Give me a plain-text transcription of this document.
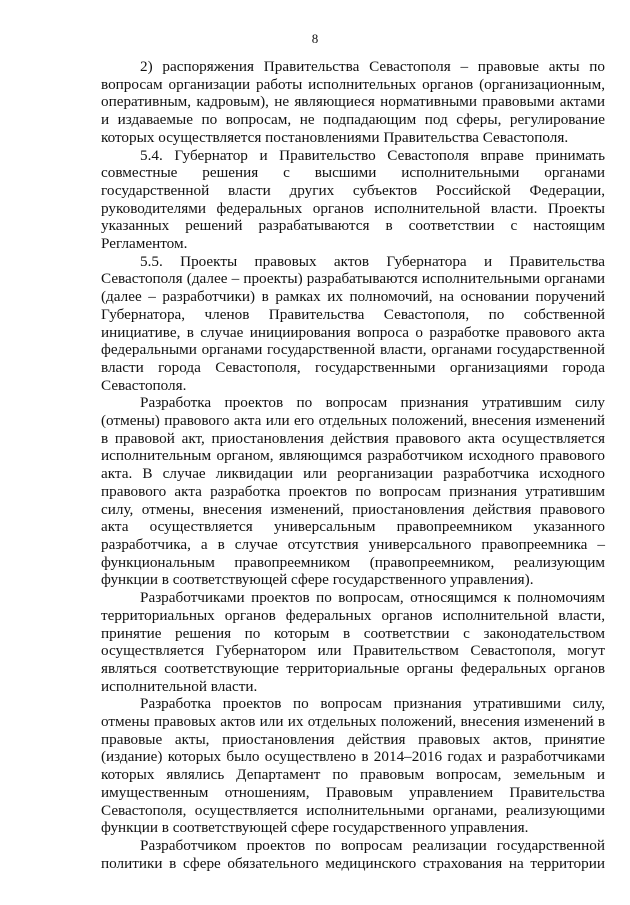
8

2) распоряжения Правительства Севастополя – правовые акты по вопросам организации работы исполнительных органов (организационным, оперативным, кадровым), не являющиеся нормативными правовыми актами и издаваемые по вопросам, не подпадающим под сферы, регулирование которых осуществляется постановлениями Правительства Севастополя.

5.4. Губернатор и Правительство Севастополя вправе принимать совместные решения с высшими исполнительными органами государственной власти других субъектов Российской Федерации, руководителями федеральных органов исполнительной власти. Проекты указанных решений разрабатываются в соответствии с настоящим Регламентом.

5.5. Проекты правовых актов Губернатора и Правительства Севастополя (далее – проекты) разрабатываются исполнительными органами (далее – разработчики) в рамках их полномочий, на основании поручений Губернатора, членов Правительства Севастополя, по собственной инициативе, в случае инициирования вопроса о разработке правового акта федеральными органами государственной власти, органами государственной власти города Севастополя, государственными организациями города Севастополя.

Разработка проектов по вопросам признания утратившим силу (отмены) правового акта или его отдельных положений, внесения изменений в правовой акт, приостановления действия правового акта осуществляется исполнительным органом, являющимся разработчиком исходного правового акта. В случае ликвидации или реорганизации разработчика исходного правового акта разработка проектов по вопросам признания утратившим силу, отмены, внесения изменений, приостановления действия правового акта осуществляется универсальным правопреемником указанного разработчика, а в случае отсутствия универсального правопреемника – функциональным правопреемником (правопреемником, реализующим функции в соответствующей сфере государственного управления).

Разработчиками проектов по вопросам, относящимся к полномочиям территориальных органов федеральных органов исполнительной власти, принятие решения по которым в соответствии с законодательством осуществляется Губернатором или Правительством Севастополя, могут являться соответствующие территориальные органы федеральных органов исполнительной власти.

Разработка проектов по вопросам признания утратившими силу, отмены правовых актов или их отдельных положений, внесения изменений в правовые акты, приостановления действия правовых актов, принятие (издание) которых было осуществлено в 2014–2016 годах и разработчиками которых являлись Департамент по правовым вопросам, земельным и имущественным отношениям, Правовым управлением Правительства Севастополя, осуществляется исполнительными органами, реализующими функции в соответствующей сфере государственного управления.

Разработчиком проектов по вопросам реализации государственной политики в сфере обязательного медицинского страхования на территории
